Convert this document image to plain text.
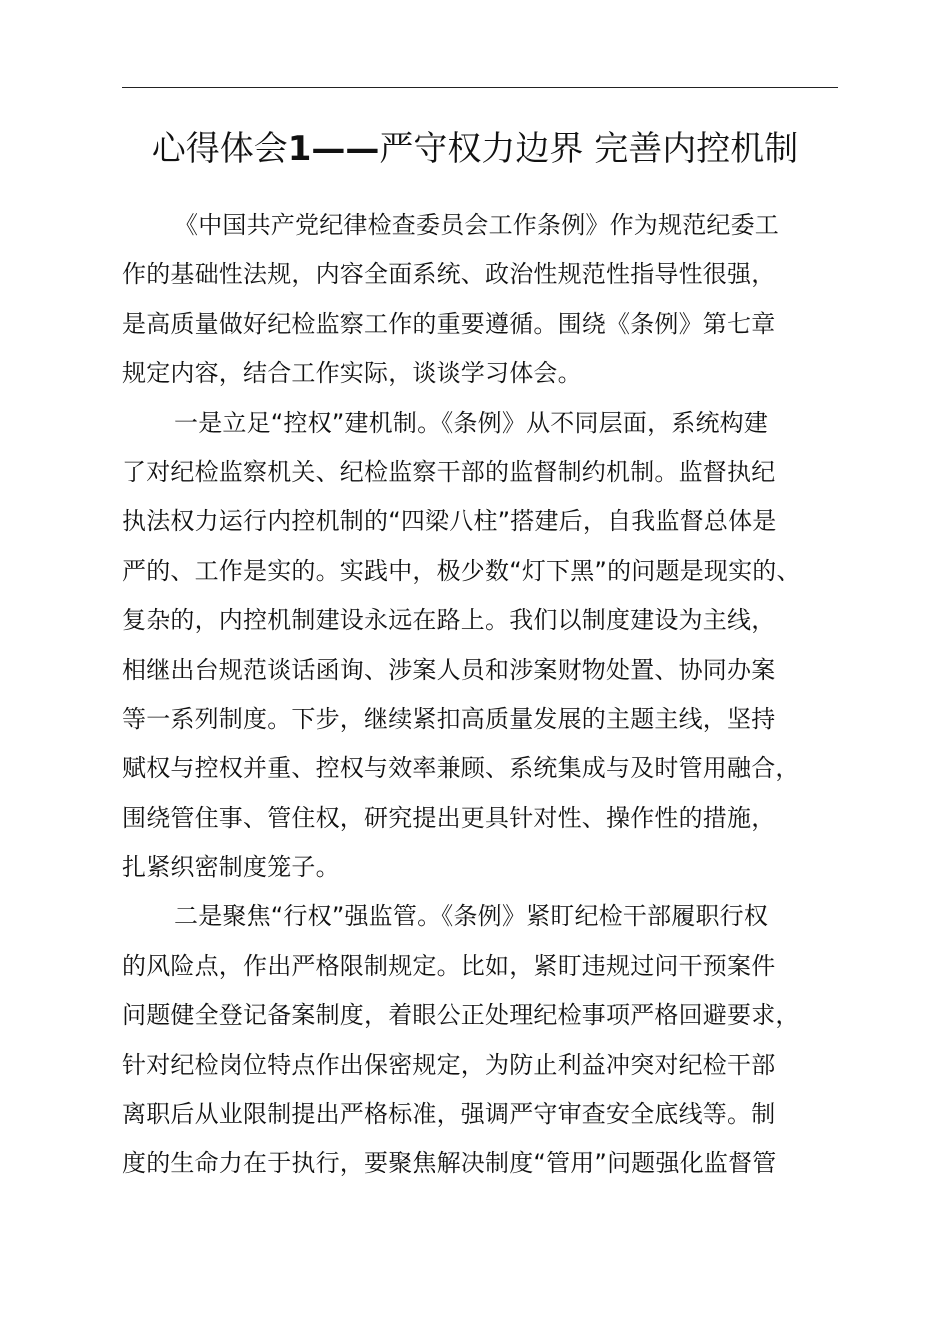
心得体会1——严守权力边界 完善内控机制
《中国共产党纪律检查委员会工作条例》作为规范纪委工
作的基础性法规，内容全面系统、政治性规范性指导性很强，
是高质量做好纪检监察工作的重要遵循。围绕《条例》第七章
规定内容，结合工作实际，谈谈学习体会。
一是立足“控权”建机制。《条例》从不同层面，系统构建
了对纪检监察机关、纪检监察干部的监督制约机制。监督执纪
执法权力运行内控机制的“四梁八柱”搭建后，自我监督总体是
严的、工作是实的。实践中，极少数“灯下黑”的问题是现实的、
复杂的，内控机制建设永远在路上。我们以制度建设为主线，
相继出台规范谈话函询、涉案人员和涉案财物处置、协同办案
等一系列制度。下步，继续紧扣高质量发展的主题主线，坚持
赋权与控权并重、控权与效率兼顾、系统集成与及时管用融合，
围绕管住事、管住权，研究提出更具针对性、操作性的措施，
扎紧织密制度笼子。
二是聚焦“行权”强监管。《条例》紧盯纪检干部履职行权
的风险点，作出严格限制规定。比如，紧盯违规过问干预案件
问题健全登记备案制度，着眼公正处理纪检事项严格回避要求，
针对纪检岗位特点作出保密规定，为防止利益冲突对纪检干部
离职后从业限制提出严格标准，强调严守审查安全底线等。制
度的生命力在于执行，要聚焦解决制度“管用”问题强化监督管
